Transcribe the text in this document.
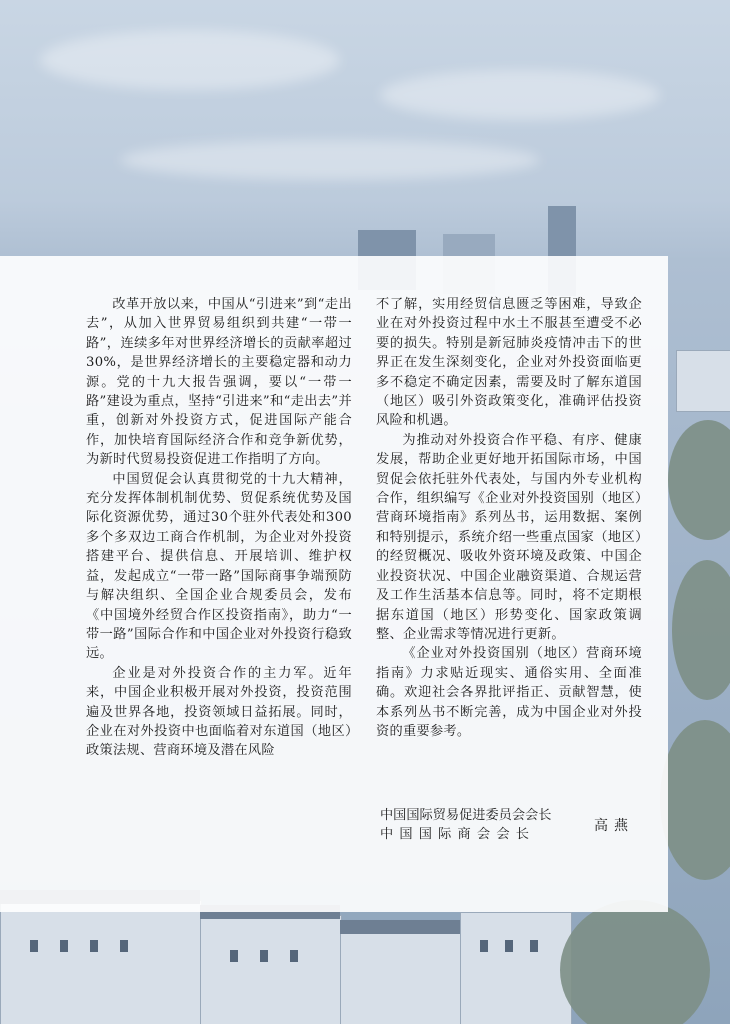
改革开放以来，中国从“引进来”到“走出去”，从加入世界贸易组织到共建“一带一路”，连续多年对世界经济增长的贡献率超过30%，是世界经济增长的主要稳定器和动力源。党的十九大报告强调，要以“一带一路”建设为重点，坚持“引进来”和“走出去”并重，创新对外投资方式，促进国际产能合作，加快培育国际经济合作和竞争新优势，为新时代贸易投资促进工作指明了方向。

中国贸促会认真贯彻党的十九大精神，充分发挥体制机制优势、贸促系统优势及国际化资源优势，通过30个驻外代表处和300多个多双边工商合作机制，为企业对外投资搭建平台、提供信息、开展培训、维护权益，发起成立“一带一路”国际商事争端预防与解决组织、全国企业合规委员会，发布《中国境外经贸合作区投资指南》，助力“一带一路”国际合作和中国企业对外投资行稳致远。

企业是对外投资合作的主力军。近年来，中国企业积极开展对外投资，投资范围遍及世界各地，投资领域日益拓展。同时，企业在对外投资中也面临着对东道国（地区）政策法规、营商环境及潜在风险

不了解，实用经贸信息匮乏等困难，导致企业在对外投资过程中水土不服甚至遭受不必要的损失。特别是新冠肺炎疫情冲击下的世界正在发生深刻变化，企业对外投资面临更多不稳定不确定因素，需要及时了解东道国（地区）吸引外资政策变化，准确评估投资风险和机遇。

为推动对外投资合作平稳、有序、健康发展，帮助企业更好地开拓国际市场，中国贸促会依托驻外代表处，与国内外专业机构合作，组织编写《企业对外投资国别（地区）营商环境指南》系列丛书，运用数据、案例和特别提示，系统介绍一些重点国家（地区）的经贸概况、吸收外资环境及政策、中国企业投资状况、中国企业融资渠道、合规运营及工作生活基本信息等。同时，将不定期根据东道国（地区）形势变化、国家政策调整、企业需求等情况进行更新。

《企业对外投资国别（地区）营商环境指南》力求贴近现实、通俗实用、全面准确。欢迎社会各界批评指正、贡献智慧，使本系列丛书不断完善，成为中国企业对外投资的重要参考。

中国国际贸易促进委员会会长
中国国际商会会长
高燕
